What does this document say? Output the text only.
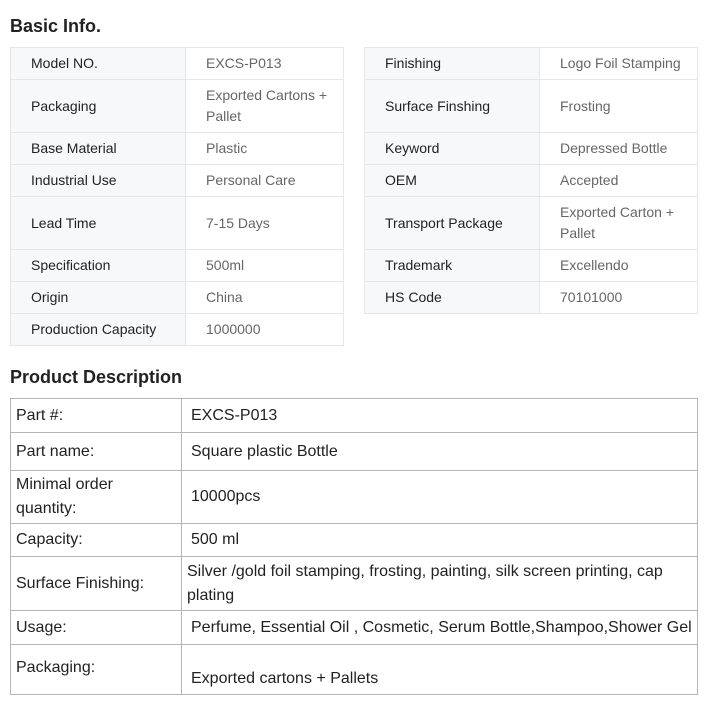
Basic Info.
Model NO.	EXCS-P013
Packaging	Exported Cartons + Pallet
Base Material	Plastic
Industrial Use	Personal Care
Lead Time	7-15 Days
Specification	500ml
Origin	China
Production Capacity	1000000
Finishing	Logo Foil Stamping
Surface Finshing	Frosting
Keyword	Depressed Bottle
OEM	Accepted
Transport Package	Exported Carton + Pallet
Trademark	Excellendo
HS Code	70101000
Product Description
Part #:	EXCS-P013
Part name:	Square plastic Bottle
Minimal order quantity:	10000pcs
Capacity:	500 ml
Surface Finishing:	Silver /gold foil stamping, frosting, painting, silk screen printing, cap plating
Usage:	Perfume, Essential Oil , Cosmetic, Serum Bottle,Shampoo,Shower Gel
Packaging:	Exported cartons + Pallets
